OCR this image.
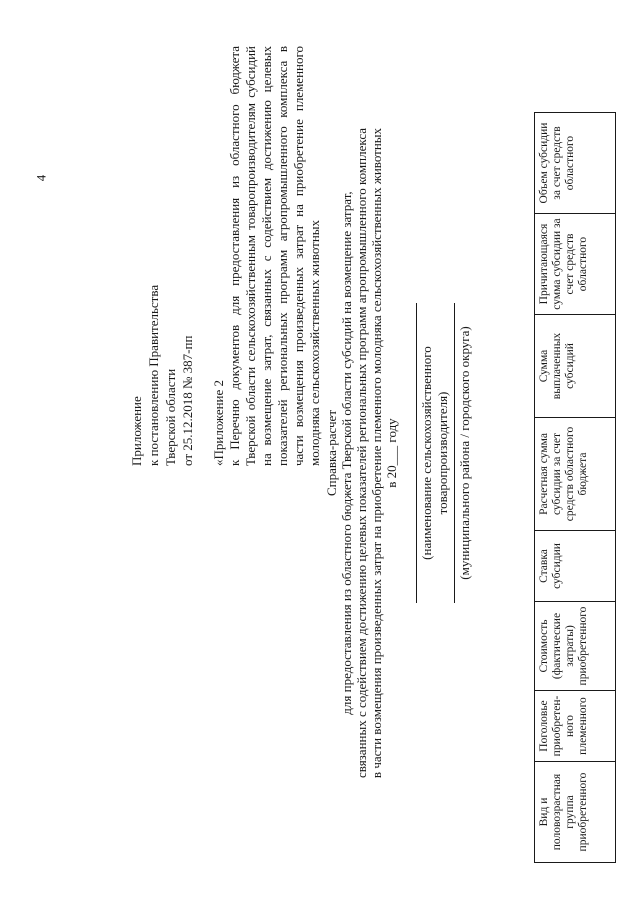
4
Приложение к постановлению Правительства Тверской области от 25.12.2018 № 387-пп «Приложение 2 к Перечню документов для предоставления из областного бюджета Тверской области сельскохозяйственным товаропроизводителям субсидий на возмещение затрат, связанных с содействием достижению целевых показателей региональных программ агропромышленного комплекса в части возмещения произведенных затрат на приобретение племенного молодняка сельскохозяйственных животных Справка-расчет для предоставления из областного бюджета Тверской области субсидий на возмещение затрат, связанных с содействием достижению целевых показателей региональных программ агропромышленного комплекса в части возмещения произведенных затрат на приобретение племенного молодняка сельскохозяйственных животных в 20___ году (наименование сельскохозяйственного товаропроизводителя) (муниципального района / городского округа)
Вид и половозрастная группа приобретенного	Поголовье приобретен-ного племенного	Стоимость (фактические затраты) приобретенного	Ставка субсидии	Расчетная сумма субсидии за счет средств областного бюджета	Сумма выплаченных субсидий	Причитающаяся сумма субсидии за счет средств областного	Объем субсидии за счет средств областного
